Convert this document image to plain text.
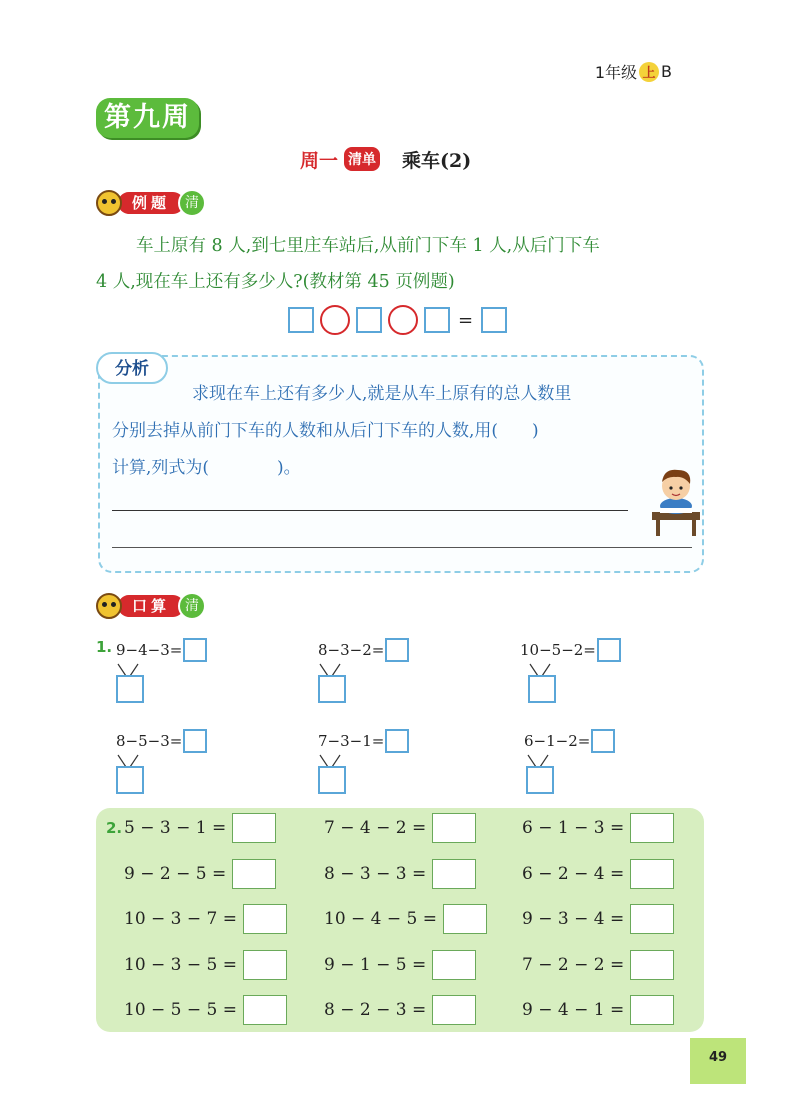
1年级 上 B
第九周
周一 清单 乘车(2)
例题	清
车上原有 8 人,到七里庄车站后,从前门下车 1 人,从后门下车
4 人,现在车上还有多少人?(教材第 45 页例题)
=
分析
求现在车上还有多少人,就是从车上原有的总人数里
分别去掉从前门下车的人数和从后门下车的人数,用(　　)
计算,列式为(　　　　)。
口算	清
1. 9−4−3=	8−3−2=	10−5−2=
8−5−3=	7−3−1=	6−1−2=
2. 5 − 3 − 1 =	7 − 4 − 2 =	6 − 1 − 3 =
9 − 2 − 5 =	8 − 3 − 3 =	6 − 2 − 4 =
10 − 3 − 7 =	10 − 4 − 5 =	9 − 3 − 4 =
10 − 3 − 5 =	9 − 1 − 5 =	7 − 2 − 2 =
10 − 5 − 5 =	8 − 2 − 3 =	9 − 4 − 1 =
49
